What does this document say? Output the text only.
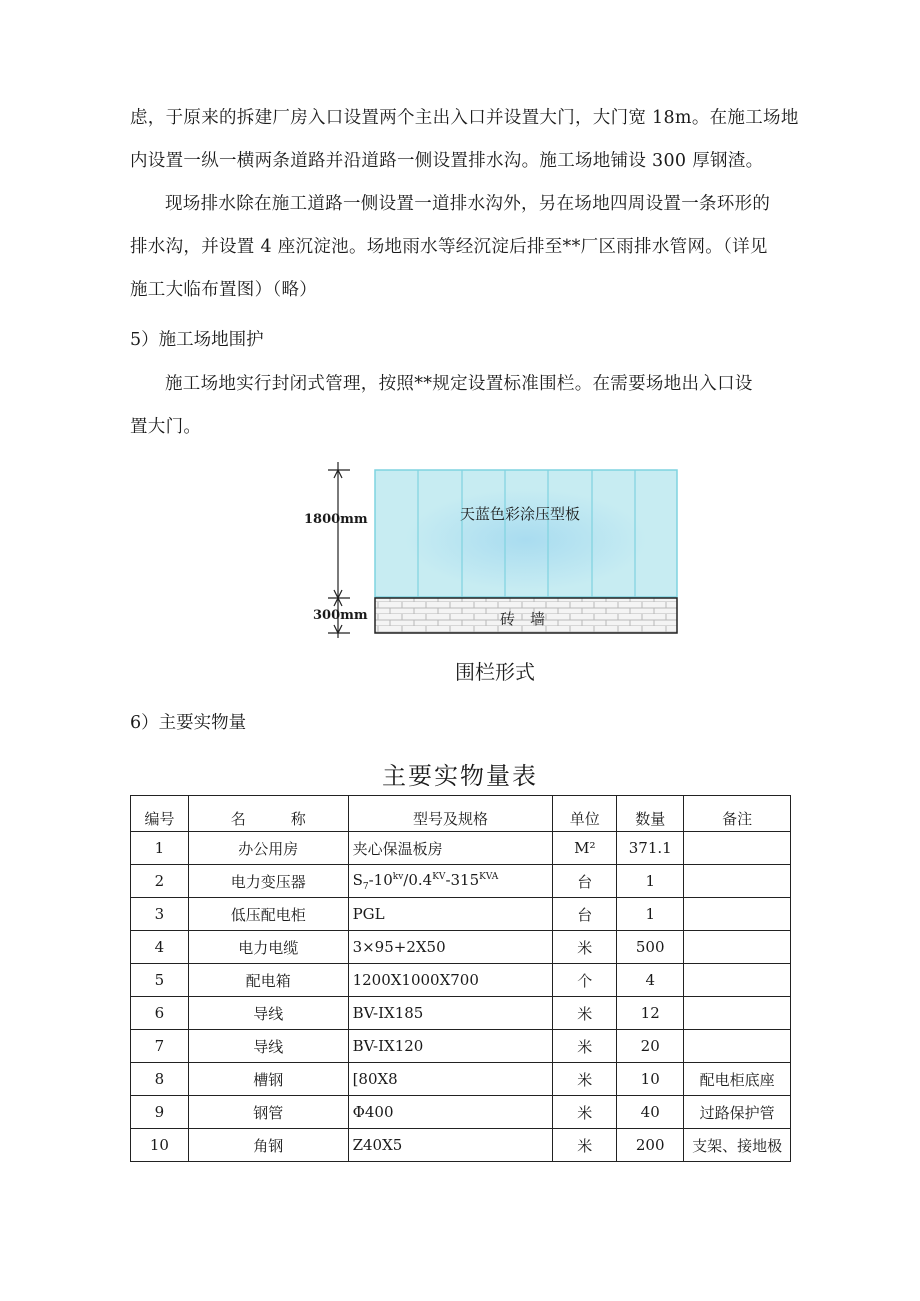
虑，于原来的拆建厂房入口设置两个主出入口并设置大门，大门宽 18m。在施工场地
内设置一纵一横两条道路并沿道路一侧设置排水沟。施工场地铺设 300 厚钢渣。
现场排水除在施工道路一侧设置一道排水沟外，另在场地四周设置一条环形的
排水沟，并设置 4 座沉淀池。场地雨水等经沉淀后排至**厂区雨排水管网。（详见
施工大临布置图）（略）
5）施工场地围护
施工场地实行封闭式管理，按照**规定设置标准围栏。在需要场地出入口设
置大门。
1800mm
300mm
天蓝色彩涂压型板
砖　墙
围栏形式
6）主要实物量
主要实物量表
编号	名　　　称	型号及规格	单位	数量	备注
1	办公用房	夹心保温板房	M²	371.1	
2	电力变压器	$S_7-10^{kv}/0.4^{KV}-315^{KVA}$	台	1	
3	低压配电柜	PGL	台	1	
4	电力电缆	3×95+2X50	米	500	
5	配电箱	1200X1000X700	个	4	
6	导线	BV-IX185	米	12	
7	导线	BV-IX120	米	20	
8	槽钢	[80X8	米	10	配电柜底座
9	钢管	Φ400	米	40	过路保护管
10	角钢	Z40X5	米	200	支架、接地极
